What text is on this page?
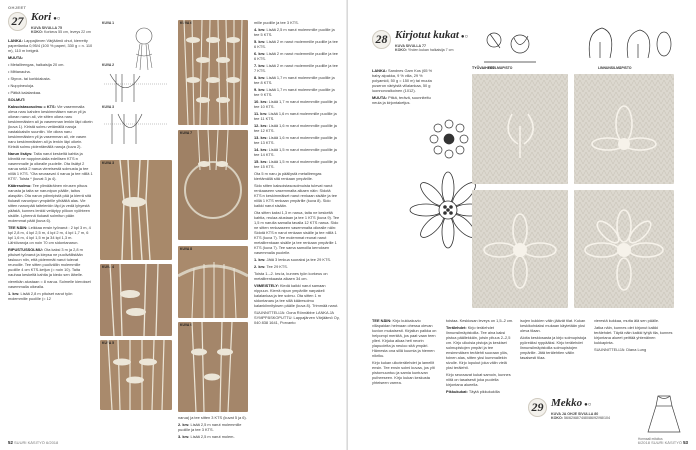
OHJEET
27 Kori ●○
KUVA SIVULLA 75
KOKO: Korkeus 55 cm, leveys 22 cm

LANKA: Lappajärven Värjäämö ohut, kierretty paperilanka 0,95/4 (100 % paperi, 330 g = n. 110 m), 110 m beigeä.

MUUTA:

• Metallirengas, halkaisija 20 cm.

• Mittanauha.

• Styrox- tai korkkialusta.

• Nuppineuloja.

• Pätkä kalalankaa.

SOLMUT:

Kaksoistasosolmu = KTS: Vie vasemmalla oleva naru kahden keskimmäisen narun yli ja oikean narun ali, vie sitten oikea naru keskimmäisten ali ja vasemman lenkin läpi oikein (kuva 1). Kiristä solmu vetämällä naruja vastakkaisiin suuntiin. Vie oikea naru keskimmäisten yli ja vasemman ali, vie vasen naru keskimmäisten ali ja lenkin läpi oikein. Kiristä solmu pidentämällä naruja (kuva 2).

Narun lisäys: Taita narut keskeltä kahtia ja kiinnitä ne noppineulalla edellisen KTS:n vasemmalle ja oikealle puolelle. Ota lisätyt 2 narua sekä 2 narua viereisestä solmusta ja tee niillä 1 KTS. "Ota seuraavat 4 narua ja tee niillä 1 KTS". Toista * (kuvat 3 ja 4).

Kääresolmu: Tee ylimääräinen nirusen pituus narusta ja taita se narunipun päälle, taitos alaspäin. Ota narun ydinnipistä pää ja kierrä sitä tiukasti narunipun ympärille ylhäältä alas. Vie sitten narunpää taitelenkin läpi ja vedä lyhyestä päästä, kunnes lenkki vetäytyy piiloon vyöhteen sisälle. Lyhennä tiukasti solmitun pään molemmat päät (kuva 6).

TEE NÄIN: Leikkaa ensin työnarut : 2 kpl 3 m, 4 kpl 2,8 m, 4 kpl 2,5 m, 4 kpl 2 m, 4 kpl 1,7 m, 6 kpl 1,6 m, 4 kpl 1,5 m ja 34 kpl 1,3 m. Lähtövaroja on noin 70 cm sidontanarun.

RIPUSTUSSOLMU: Ota kaksi 3 m ja 2,8 m pituiset työnarut ja kiepsa ne puoliväliistään taskuun niin, että pidemmät narut tulevat reunoille. Tee sitten puoliväliin molemmille puolille 4 cm KTS-ketjun (= noin 10). Taita nauhaa keskeltä kahtia ja kiedo sen lähelle.

viereikän alustaan = 8 narua. Solmelle kierokset vasemmalla oikealla.

1. krs: Lisää 2,8 m pituiset narut työn molemmille puolille (= 12

KUVA 1
KUVA 2
KUVA 3
KUVA 3
KUVA 4
KUVA 5
KUVA 6
KUVA 7
KUVA 8
KUVA 9

narua) ja tee sitten 3 KTS (kuvat 5 ja 6).

2. krs: Lisää 2,5 m narut molemmille puolille ja tee 3 KTS.

3. krs: Lisää 2,5 m narut molem-

mille puolille ja tee 3 KTS.

4. krs: Lisää 2,5 m narut molemmille puolille ja tee 5 KTS.

5. krs: Lisää 2 m narut molemmille puolille ja tee 6 KTS.

6. krs: Lisää 2 m narut molemmille puolille ja tee 6 KTS.

7. krs: Lisää 2 m narut molemmille puolille ja tee 7 KTS.

8. krs: Lisää 1,7 m narut molemmille puolille ja tee 8 KTS.

9. krs: Lisää 1,7 m narut molemmille puolille ja tee 9 KTS.

10. krs: Lisää 1,7 m narut molemmille puolille ja tee 10 KTS.

11. krs: Lisää 1,6 m narut molemmille puolille ja tee 11 KTS.

12. krs: Lisää 1,6 m narut molemmille puolille ja tee 12 KTS.

13. krs: Lisää 1,6 m narut molemmille puolille ja tee 13 KTS.

14. krs: Lisää 1,5 m narut molemmille puolille ja tee 14 KTS.

15. krs: Lisää 1,5 m narut molemmille puolille ja tee 15 KTS.

Ota 5 m naru ja päällystä metallirengas kiertämällä sitä renkaan ympärille.

Sido sitten kaksoistasosolmuista tulevat narut renkaaseen vasemmalta alkaen näin: Sidotä KTS:n keskimmäiset narut renkaan sisälle ja tee niillä 1 KTS renkaan ympärille (kuva 8). Sido kaikki narut sisään.

Ota sitten kaksi 1,3 m narua, taita ne keskeltä kahtia, reulaa alustaan ja tee 1 KTS (kuva 9). Tee 1,5 m narulla samalla tavalla 12 KTS narua. Sido ne sitten renkaaseen vasemmalta oikealle näin: Sidotä KTS:n narut renkaan sisälle ja tee niillä 1 KTS (kuva 7). Tee molemmat reunat narut metallirenkaan sisälle ja tee renkaan ympärille 1 KTS (kuva 7). Tee sama samoilla kerroksen vasemmalla puolelle.

1. krs: Jätä 3 lenkua suoraksi ja tee 29 KTS.

2. krs: Tee 29 KTS.

Toista 1.–2. krs:ia, kunnes työn korkeus on metallirenkaasta alkaen 34 cm.

VIIMEISTELY: Kiedä kaikki narut samaan nippuun. Kierrä nipun ympärille narpakeli kalalankaa ja tee solmu. Ota sitten 1 m sidontanaru ja tee sillä kääresolmu kalankiinnityksen päälle (kuva 8). Trimmää narut.

SUUNNITTELIJA: Oona Rönnäbbe LANKA JA SYMPPÄSKOPUTTU: Lappajärven Värjäämö Oy, 040 838 1641, Porvanto

52 SUURI KÄSITYÖ 6/2018
28 Kirjotut kukat ●○
KUVA SIVULLA 77
KOKO: Yhden kukan halkaisija 7 cm
SOLMUPISTO	LINNUNSILMÄPISTO

LANKA: Sandnes Garn Kos (65 % baby alpakka, 9 % villa, 29 % polyamidi, 50 g = 150 m) tai muuta puseron väriyistä villalankaa, 50 g luonnonvalkoinen (1012).

MUUTA: Pitkä, terävä, suunniteltu neula ja kirjontaketjus.

TYÖVAIHEET

TEE NÄIN: Kirjo kukkakuvio villapaidan helmaan ohessa olevan kuvion mukaisesti. Kirjailun paikka on helpompi merkitä, jos paat vaan teen ylleri. Kirjuka aikaa heti neorin ylapuolelta ja neuloo sitä ympäri. Hämesta ona sillä kuumia ja hiemen nikriku.

Kirjo kukan ulkoterälehdet ja lamellit ensin. Tee ensin solmi kuvaa, jos ylti pistomuuntuu ja samia kuntuvan puiheeseen. Kirjo kukan keskusta yhteiseen varrea.

toistaa. Keskiosan leveys on 1,5–2 cm.

Terälehdet: Kirjo terälehdet linnunsilmäpistoilla. Tee aina kaksi pistoa päällekkäin, jotsin pituus 2–2,5 cm. Kirjo ulkoisia pistoja ja keskiset solmupistojen ympäri ja tee ensimmäisen terälehti suoraan ylös, toinen alas, sitten yksi kummallekin sivulle. Kirjo lopukut joka välin vielä yksi terälehti.

Kirjo seuraavat kukat samoin, kunnes niitä on tasaisesti joka puolella kirjontana alueella.

Pikkukukat: Täytä pikkukukilla

isojen kukkien välin jäävät tilat. Kukan keskikohdaksi mukaan käytetään yksi oleva tilaan.

Aloita keskiosasta ja kirjo solmupistoja pyöreäksi ryppääksi. Kirjo terälehdet linnunsilmäpistoilla solmupistojen ympärille. Jätä terälehtien väliin tasaisesti tilaa.

vierestä kukkaa, mutta älä sen päälle.

Jatka näin, kunnes olet kirjonut kaikki terälehdet. Täytä näin kaikki tyhjä tila, kunnes kirjontana alueet peittää yhtenäinen kukkapinta.

SUUNNITTELIJA: Diana Lung

29 Mekko ●○
KUVA JA OHJE SIVULLA 80
KOKO: 56/62/68/74/80/86/92/98/104
Hormaali mitoitus
6/2018 SUURI KÄSITYÖ 53
